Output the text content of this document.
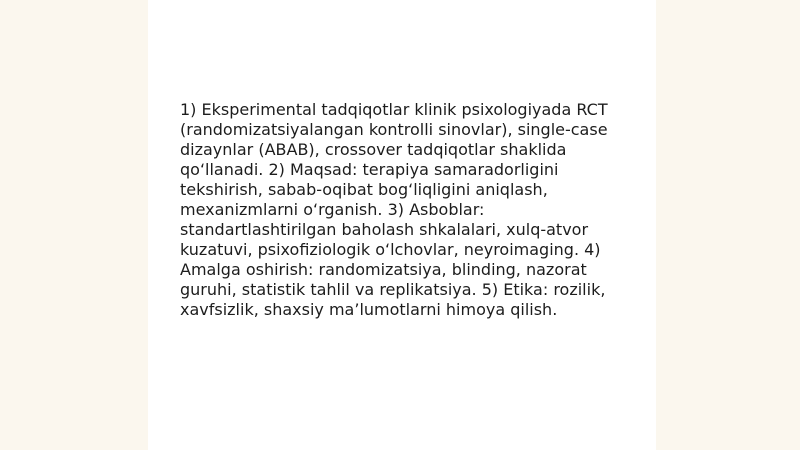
1) Eksperimental tadqiqotlar klinik psixologiyada RCT
(randomizatsiyalangan kontrolli sinovlar), single-case
dizaynlar (ABAB), crossover tadqiqotlar shaklida
qo‘llanadi. 2) Maqsad: terapiya samaradorligini
tekshirish, sabab-oqibat bog‘liqligini aniqlash,
mexanizmlarni o‘rganish. 3) Asboblar:
standartlashtirilgan baholash shkalalari, xulq-atvor
kuzatuvi, psixofiziologik o‘lchovlar, neyroimaging. 4)
Amalga oshirish: randomizatsiya, blinding, nazorat
guruhi, statistik tahlil va replikatsiya. 5) Etika: rozilik,
xavfsizlik, shaxsiy ma’lumotlarni himoya qilish.
